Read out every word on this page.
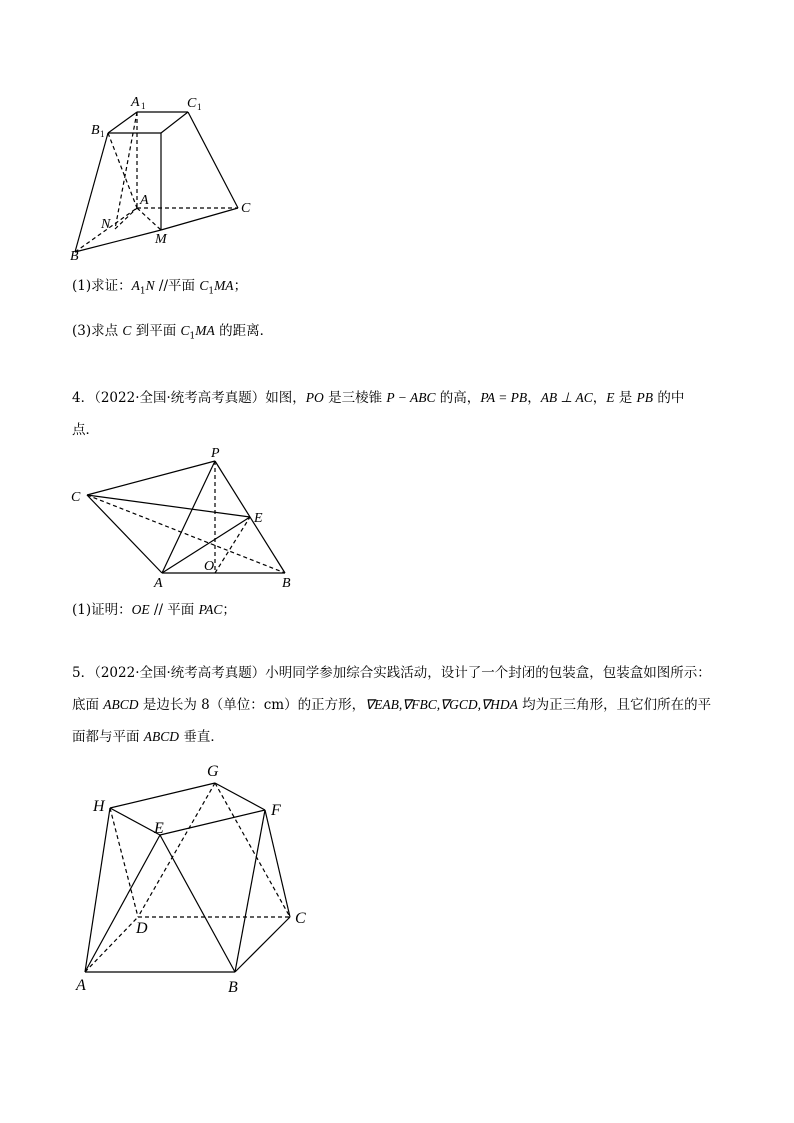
A 1	C 1
B 1
A
C
N
M
B
(1)求证：$A_1N$ //平面 $C_1MA$；
(3)求点 C 到平面 $C_1MA$ 的距离．
4．（2022·全国·统考高考真题）如图，PO 是三棱锥 P − ABC 的高，PA = PB，AB ⊥ AC，E 是 PB 的中
点．
P
C
E
A
O
B
(1)证明：OE // 平面 PAC；
5．（2022·全国·统考高考真题）小明同学参加综合实践活动，设计了一个封闭的包装盒，包装盒如图所示：
底面 ABCD 是边长为 8（单位：cm）的正方形，∇EAB,∇FBC,∇GCD,∇HDA 均为正三角形，且它们所在的平
面都与平面 ABCD 垂直．
G
H	F
E
D
C
A	B
